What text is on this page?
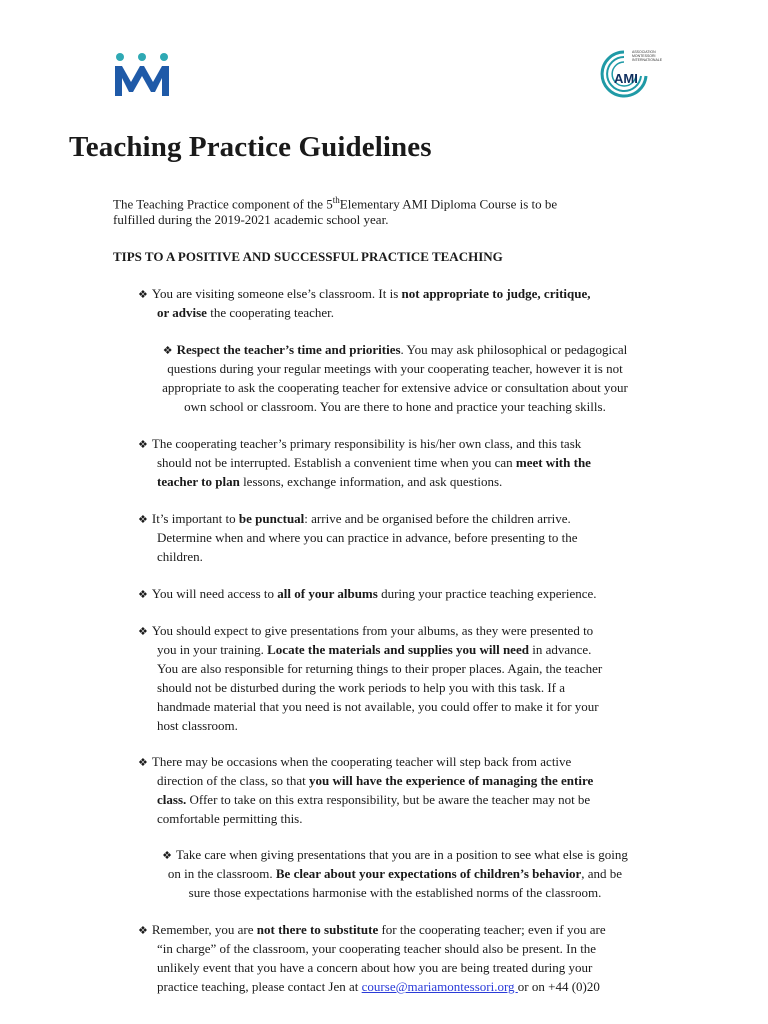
ASSOCIATION
MONTESSORI
INTERNATIONALE
AMI
Teaching Practice Guidelines

The Teaching Practice component of the 5thElementary AMI Diploma Course is to be

fulfilled during the 2019-2021 academic school year.

TIPS TO A POSITIVE AND SUCCESSFUL PRACTICE TEACHING

❖ You are visiting someone else’s classroom. It is not appropriate to judge, critique,

or advise the cooperating teacher.

❖ Respect the teacher’s time and priorities. You may ask philosophical or pedagogical

questions during your regular meetings with your cooperating teacher, however it is not

appropriate to ask the cooperating teacher for extensive advice or consultation about your

own school or classroom. You are there to hone and practice your teaching skills.

❖ The cooperating teacher’s primary responsibility is his/her own class, and this task

should not be interrupted. Establish a convenient time when you can meet with the

teacher to plan lessons, exchange information, and ask questions.

❖ It’s important to be punctual: arrive and be organised before the children arrive.

Determine when and where you can practice in advance, before presenting to the

children.

❖ You will need access to all of your albums during your practice teaching experience.

❖ You should expect to give presentations from your albums, as they were presented to

you in your training. Locate the materials and supplies you will need in advance.

You are also responsible for returning things to their proper places. Again, the teacher

should not be disturbed during the work periods to help you with this task. If a

handmade material that you need is not available, you could offer to make it for your

host classroom.

❖ There may be occasions when the cooperating teacher will step back from active

direction of the class, so that you will have the experience of managing the entire

class. Offer to take on this extra responsibility, but be aware the teacher may not be

comfortable permitting this.

❖ Take care when giving presentations that you are in a position to see what else is going

on in the classroom. Be clear about your expectations of children’s behavior, and be

sure those expectations harmonise with the established norms of the classroom.

❖ Remember, you are not there to substitute for the cooperating teacher; even if you are

“in charge” of the classroom, your cooperating teacher should also be present. In the

unlikely event that you have a concern about how you are being treated during your

practice teaching, please contact Jen at course@mariamontessori.org or on +44 (0)20
